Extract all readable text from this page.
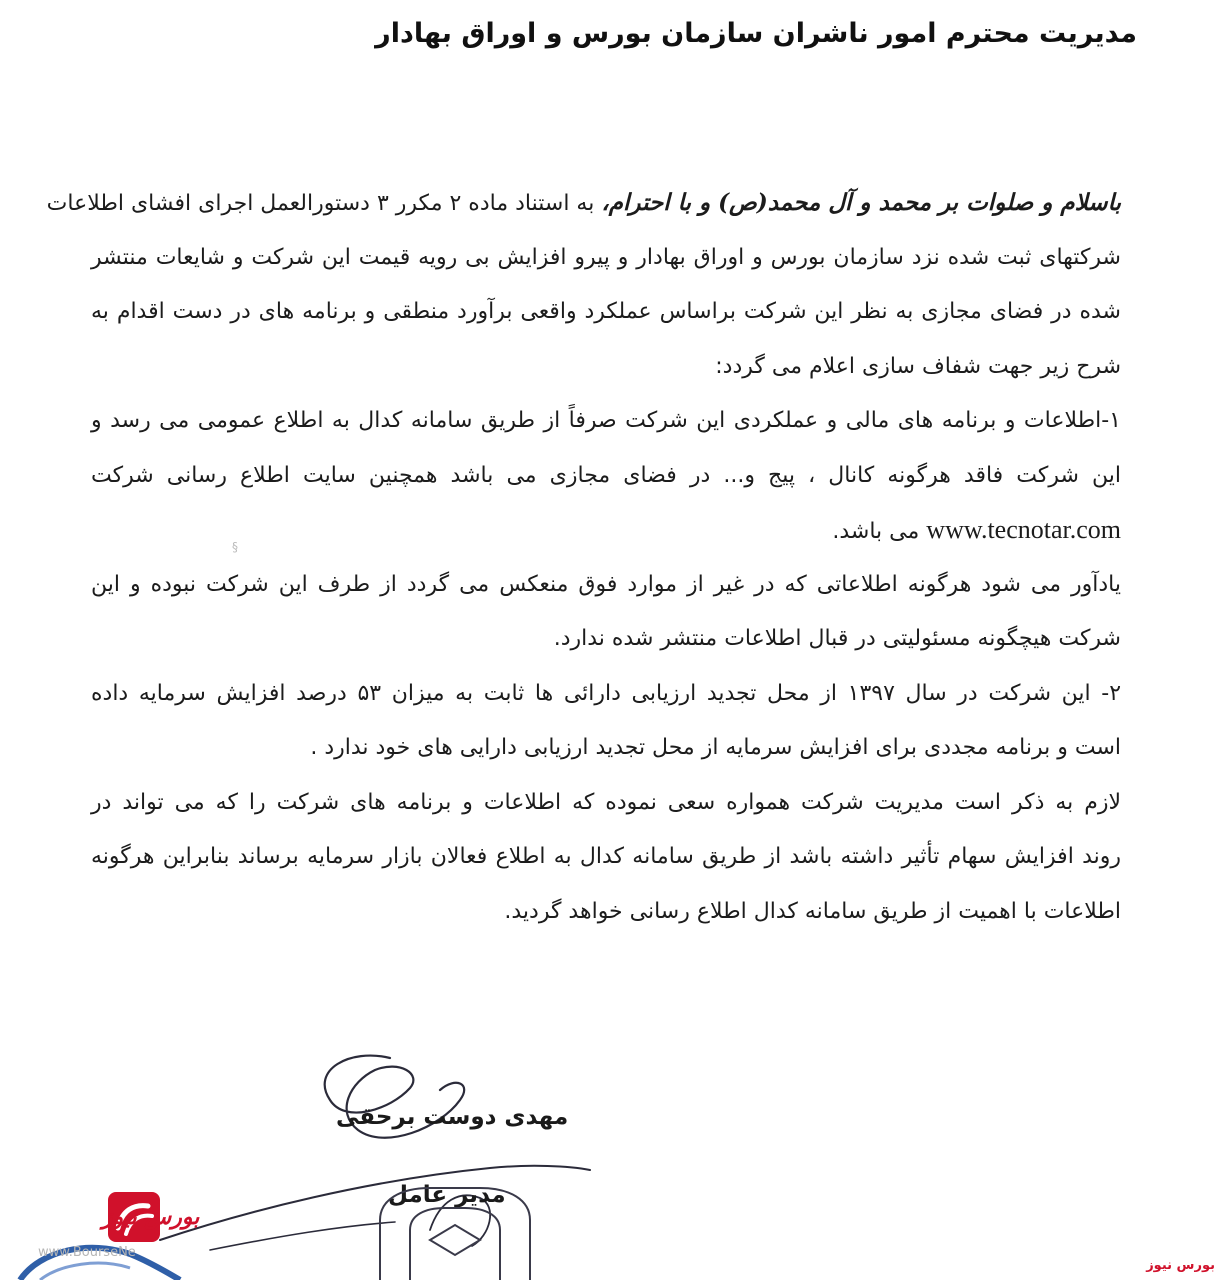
مدیریت محترم امور ناشران سازمان بورس و اوراق بهادار
باسلام و صلوات بر محمد و آل محمد(ص) و با احترام، به استناد ماده ۲ مکرر ۳ دستورالعمل اجرای افشای اطلاعات
شرکتهای ثبت شده نزد سازمان بورس و اوراق بهادار و پیرو افزایش بی رویه قیمت این شرکت و شایعات منتشر
شده در فضای مجازی به نظر این شرکت براساس عملکرد واقعی برآورد منطقی و برنامه های در دست اقدام به
شرح زیر جهت شفاف سازی اعلام می گردد:
۱-اطلاعات و برنامه های مالی و عملکردی این شرکت صرفاً از طریق سامانه کدال به اطلاع عمومی می رسد و
این شرکت فاقد هرگونه کانال ، پیج و... در فضای مجازی می باشد همچنین سایت اطلاع رسانی شرکت
www.tecnotar.com می باشد.
یادآور می شود هرگونه اطلاعاتی که در غیر از موارد فوق منعکس می گردد از طرف این شرکت نبوده و این
شرکت هیچگونه مسئولیتی در قبال اطلاعات منتشر شده ندارد.
۲- این شرکت در سال ۱۳۹۷ از محل تجدید ارزیابی دارائی ها ثابت به میزان ۵۳ درصد افزایش سرمایه داده
است و برنامه مجددی برای افزایش سرمایه از محل تجدید ارزیابی دارایی های خود ندارد .
لازم به ذکر است مدیریت شرکت همواره سعی نموده که اطلاعات و برنامه های شرکت را که می تواند در
روند افزایش سهام تأثیر داشته باشد از طریق سامانه کدال به اطلاع فعالان بازار سرمایه برساند بنابراین هرگونه
اطلاعات با اهمیت از طریق سامانه کدال اطلاع رسانی خواهد گردید.
§
مهدی دوست برحقی
مدیر عامل
بورس نیوز
www.BourseNe
بورس نیوز
